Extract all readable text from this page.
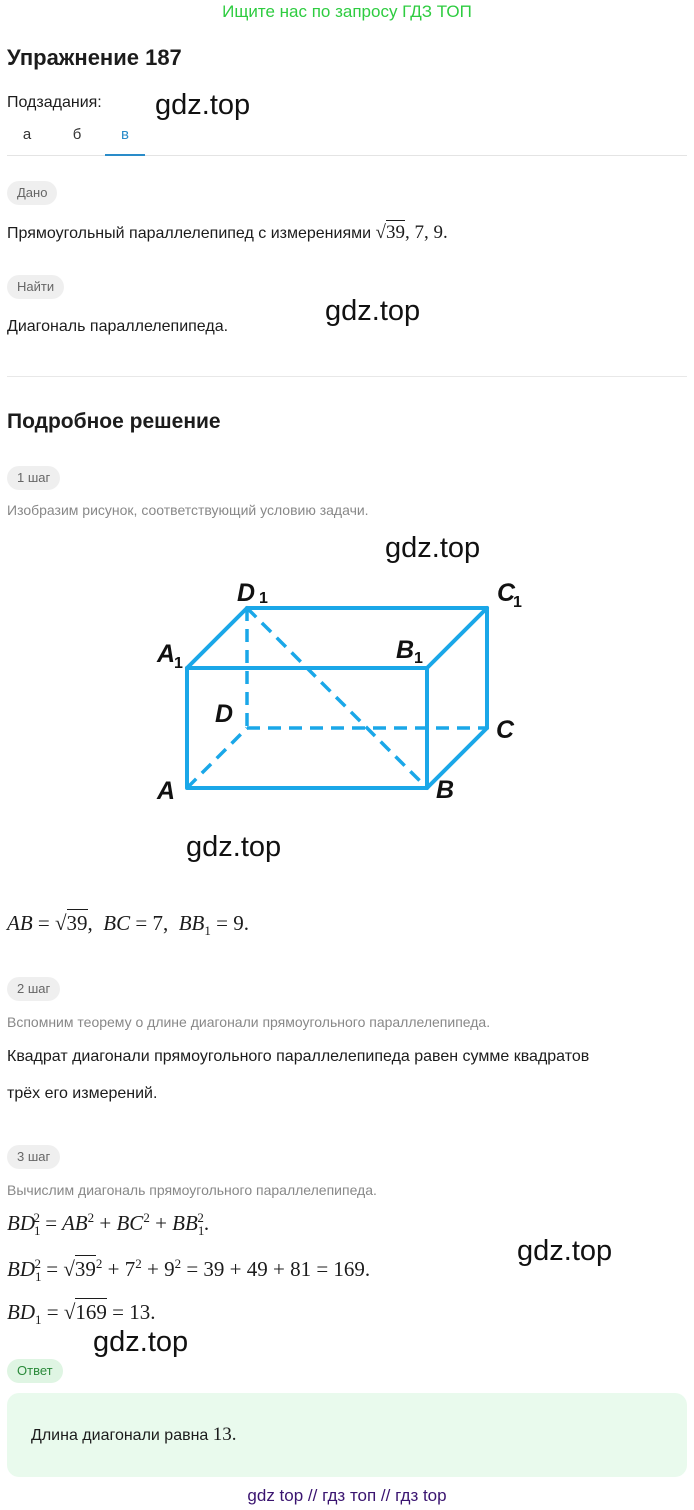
Ищите нас по запросу ГДЗ ТОП
Упражнение 187
Подзадания:
а	б	в
gdz.top
Дано
Прямоугольный параллелепипед с измерениями √39, 7, 9.
Найти
Диагональ параллелепипеда.	gdz.top
Подробное решение
1 шаг
Изобразим рисунок, соответствующий условию задачи.
gdz.top
D 1	C
1
A
1	B 1
D
C
A	B
gdz.top
AB = √39, BC = 7, $BB_1 = 9$.
2 шаг
Вспомним теорему о длине диагонали прямоугольного параллелепипеда.
Квадрат диагонали прямоугольного параллелепипеда равен сумме квадратов
трёх его измерений.
3 шаг
Вычислим диагональ прямоугольного параллелепипеда.
$BD_1^2 = AB^2 + BC^2 + BB_1^2$.
$BD_1^2 = √39^2 + 7^2 + 9^2 = 39 + 49 + 81 = 169$.
gdz.top
$BD_1 = √169 = 13$.
gdz.top
Ответ
Длина диагонали равна 13.
gdz top // гдз топ // гдз top
